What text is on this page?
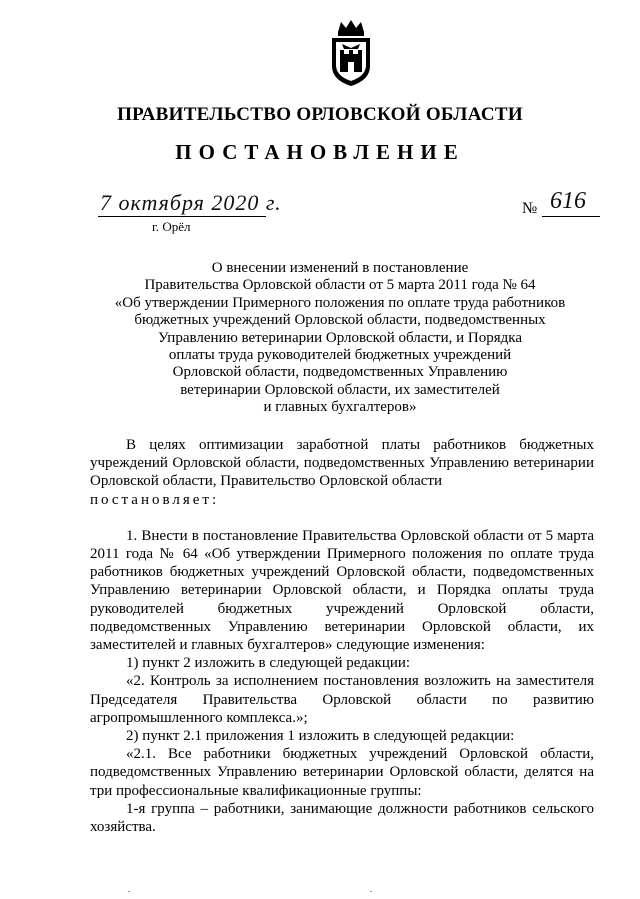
ПРАВИТЕЛЬСТВО ОРЛОВСКОЙ ОБЛАСТИ
ПОСТАНОВЛЕНИЕ
7 октября 2020 г.
г. Орёл
№ 616
О внесении изменений в постановление
Правительства Орловской области от 5 марта 2011 года № 64
«Об утверждении Примерного положения по оплате труда работников
бюджетных учреждений Орловской области, подведомственных
Управлению ветеринарии Орловской области, и Порядка
оплаты труда руководителей бюджетных учреждений
Орловской области, подведомственных Управлению
ветеринарии Орловской области, их заместителей
и главных бухгалтеров»

В целях оптимизации заработной платы работников бюджетных учреждений Орловской области, подведомственных Управлению ветеринарии Орловской области, Правительство Орловской области

постановляет:

1. Внести в постановление Правительства Орловской области от 5 марта 2011 года № 64 «Об утверждении Примерного положения по оплате труда работников бюджетных учреждений Орловской области, подведомственных Управлению ветеринарии Орловской области, и Порядка оплаты труда руководителей бюджетных учреждений Орловской области, подведомственных Управлению ветеринарии Орловской области, их заместителей и главных бухгалтеров» следующие изменения:

1) пункт 2 изложить в следующей редакции:

«2. Контроль за исполнением постановления возложить на заместителя Председателя Правительства Орловской области по развитию агропромышленного комплекса.»;

2) пункт 2.1 приложения 1 изложить в следующей редакции:

«2.1. Все работники бюджетных учреждений Орловской области, подведомственных Управлению ветеринарии Орловской области, делятся на три профессиональные квалификационные группы:

1-я группа – работники, занимающие должности работников сельского хозяйства.

.	.
